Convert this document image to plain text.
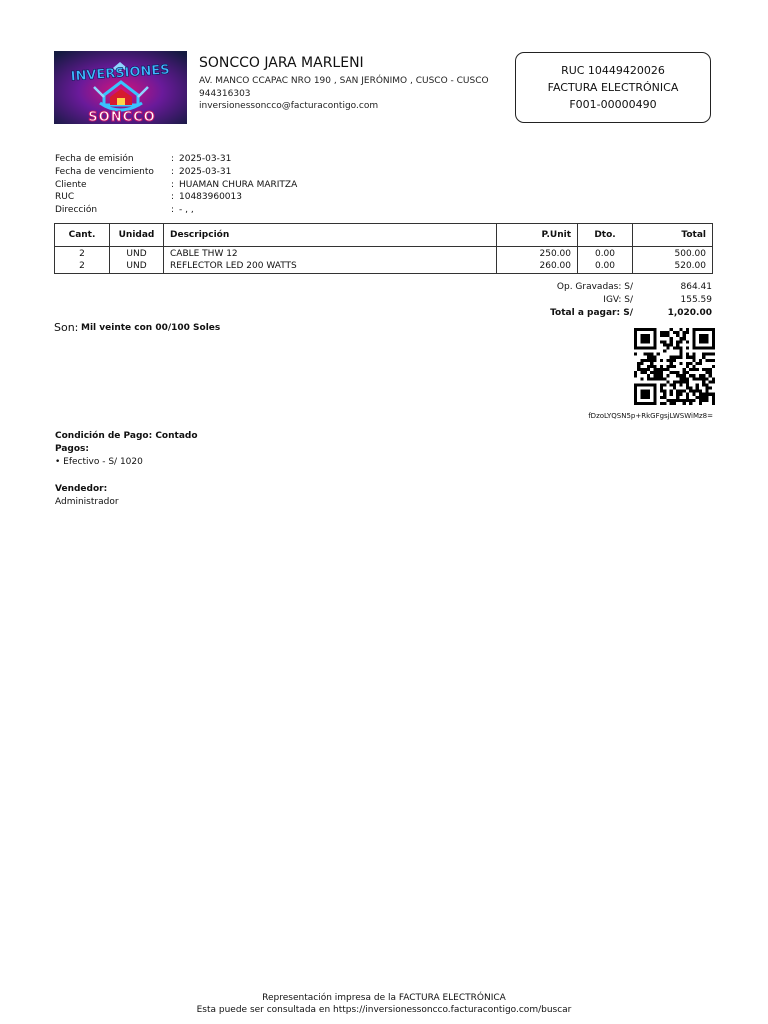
INVERSIONES
SONCCO
SONCCO JARA MARLENI
AV. MANCO CCAPAC NRO 190 , SAN JERÓNIMO , CUSCO - CUSCO
944316303
inversionessoncco@facturacontigo.com
RUC 10449420026
FACTURA ELECTRÓNICA
F001-00000490
Fecha de emisión	: 2025-03-31
Fecha de vencimiento : 2025-03-31
Cliente	: HUAMAN CHURA MARITZA
RUC	: 10483960013
Dirección	: - , ,
Cant.	Unidad	Descripción	P.Unit	Dto.	Total
2	UND	CABLE THW 12	250.00	0.00	500.00
2	UND	REFLECTOR LED 200 WATTS	260.00	0.00	520.00
Op. Gravadas: S/	864.41
IGV: S/	155.59
Total a pagar: S/	1,020.00
Son: Mil veinte con 00/100 Soles
fDzoLYQSN5p+RkGFgsjLWSWiMz8=
Condición de Pago: Contado
Pagos:
• Efectivo - S/ 1020
Vendedor:
Administrador
Representación impresa de la FACTURA ELECTRÓNICA
Esta puede ser consultada en https://inversionessoncco.facturacontigo.com/buscar
